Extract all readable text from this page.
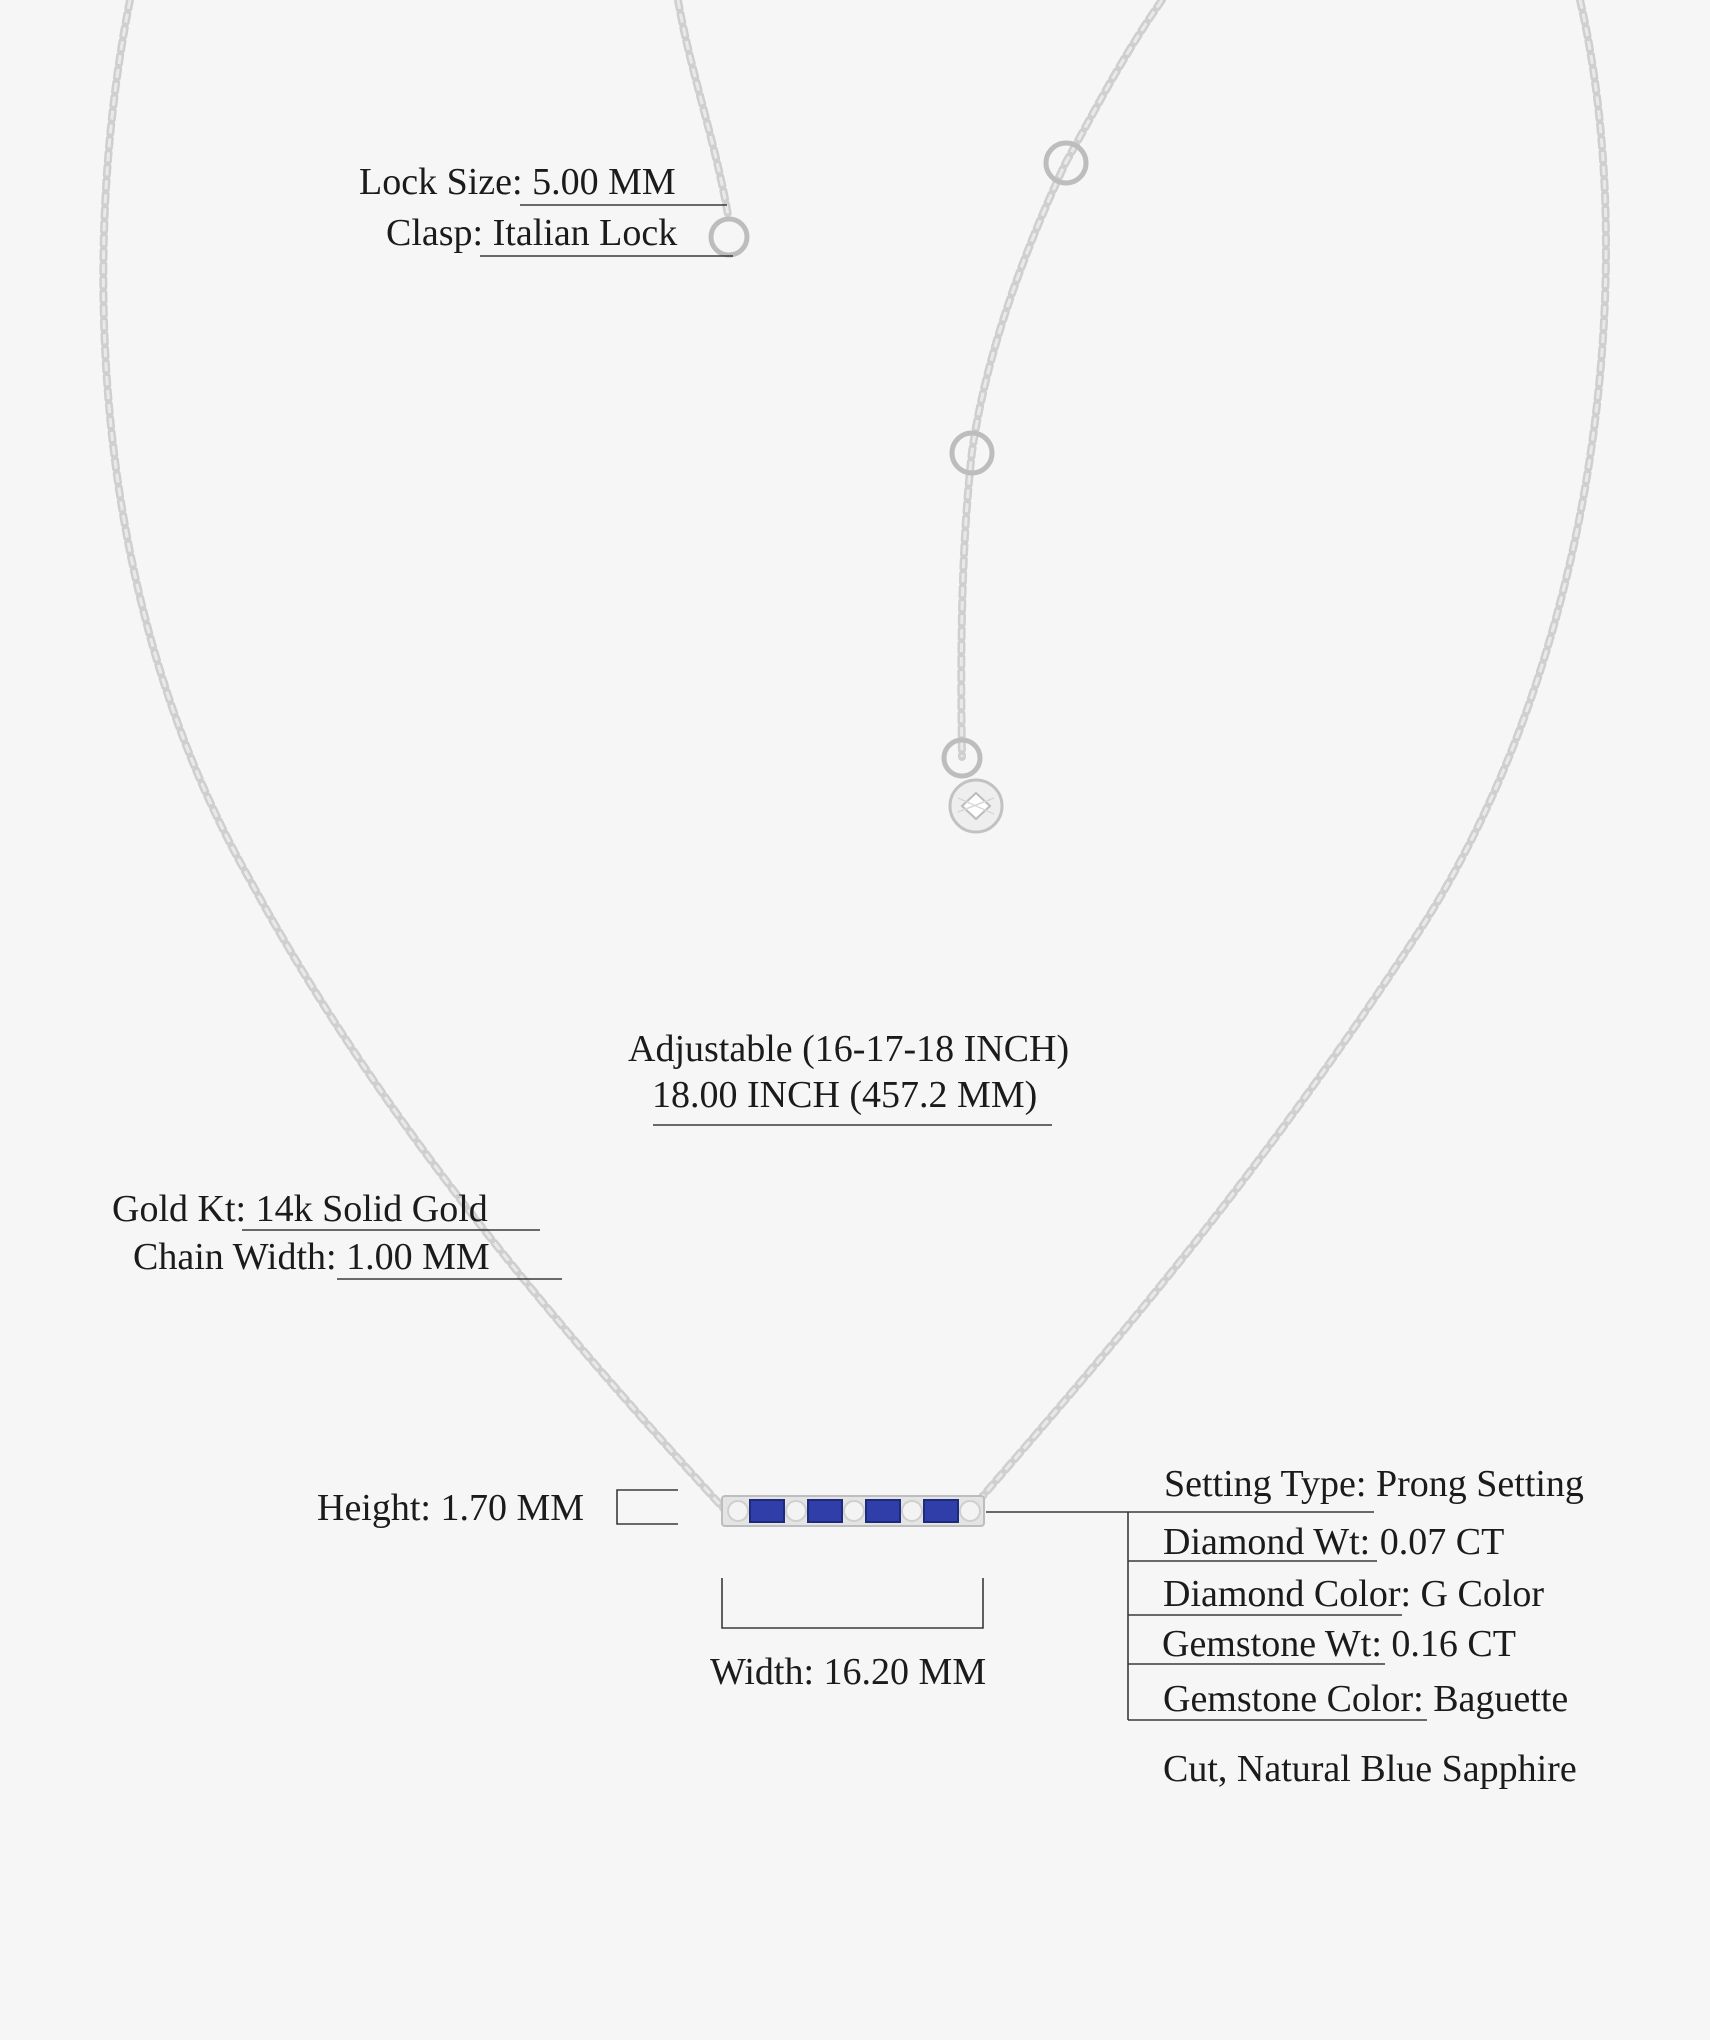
Lock Size: 5.00 MM
Clasp: Italian Lock
Adjustable (16-17-18 INCH)
18.00 INCH (457.2 MM)
Gold Kt: 14k Solid Gold
Chain Width: 1.00 MM
Height: 1.70 MM
Width: 16.20 MM
Setting Type: Prong Setting
Diamond Wt: 0.07 CT
Diamond Color: G Color
Gemstone Wt: 0.16 CT
Gemstone Color: Baguette
Cut, Natural Blue Sapphire
